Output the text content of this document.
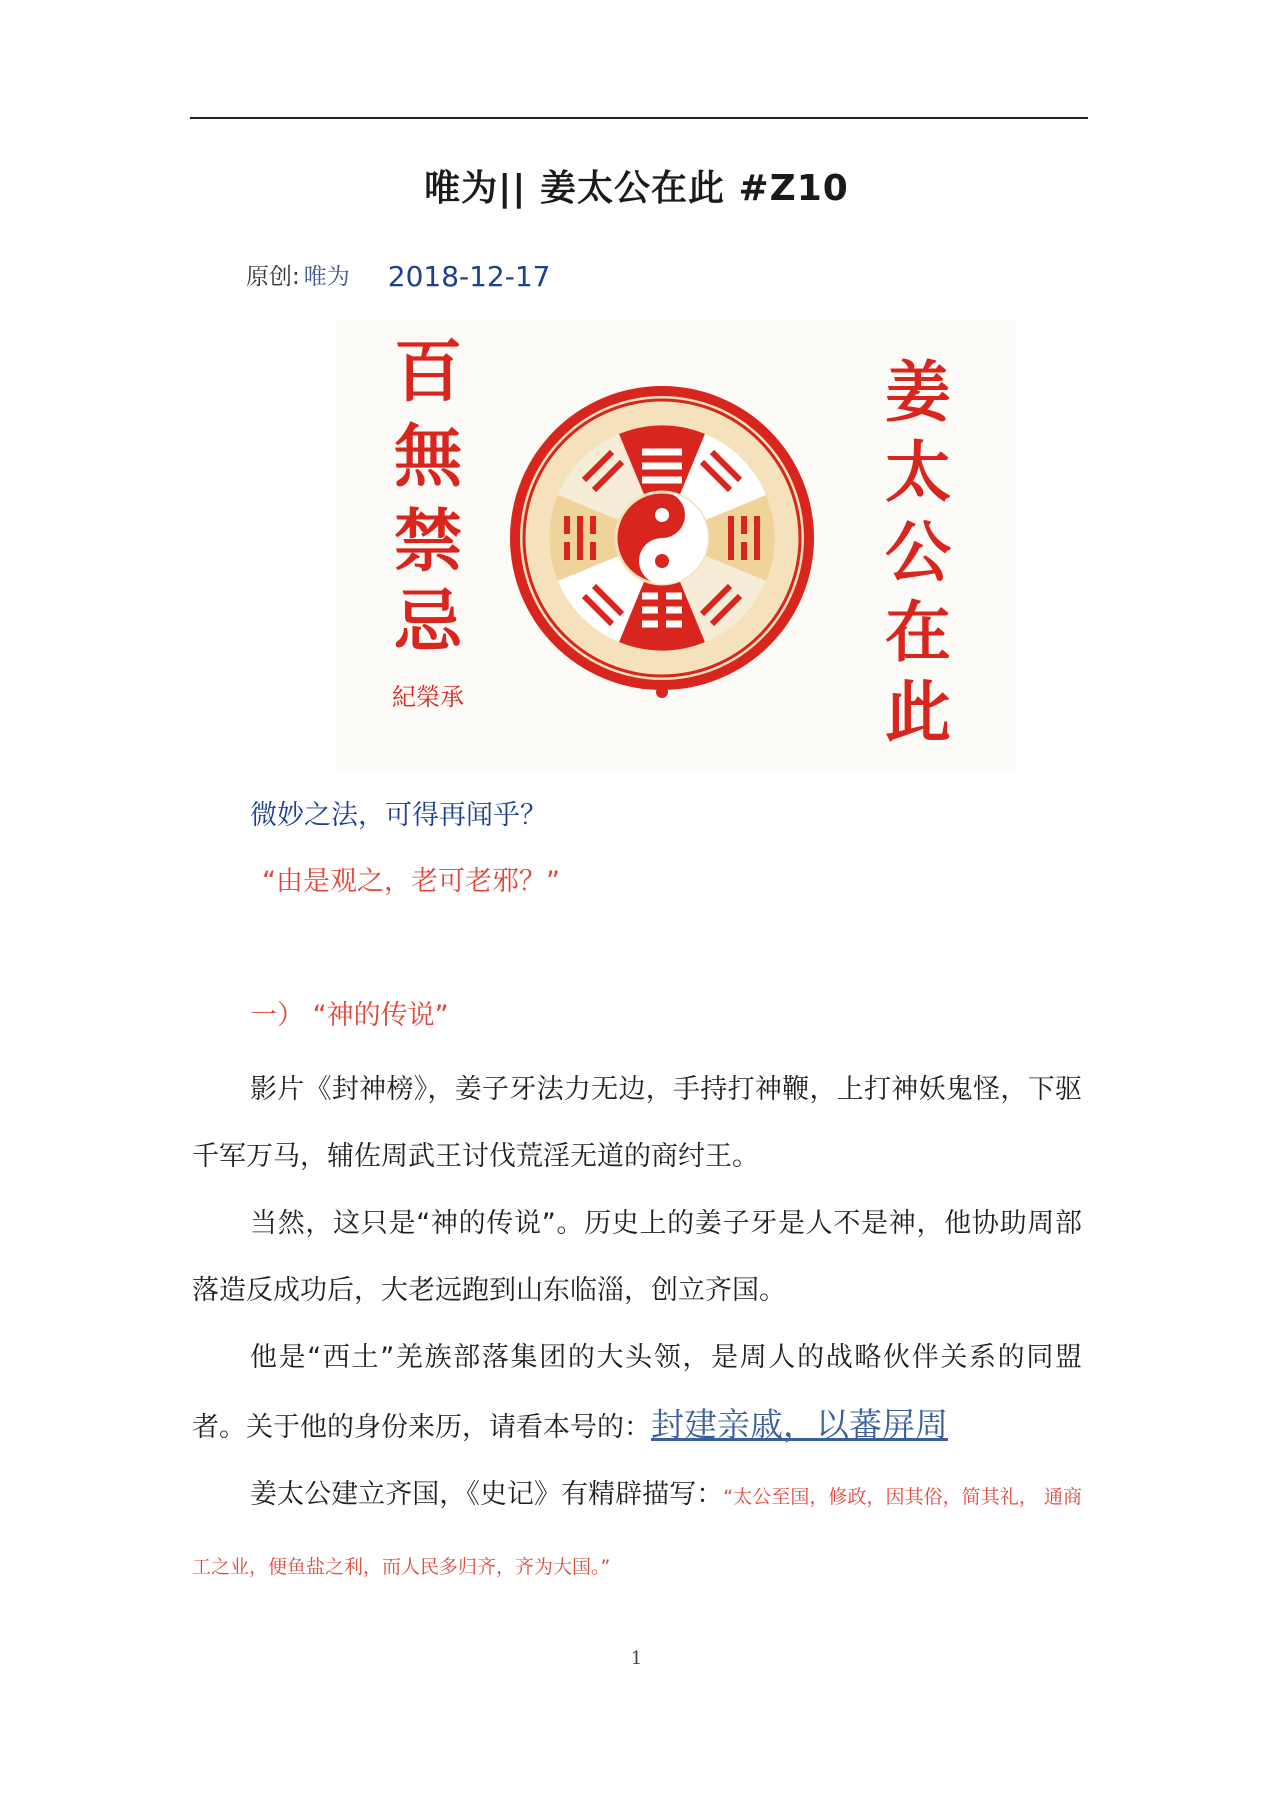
唯为|| 姜太公在此 #Z10
原创: 唯为 2018-12-17
百
無
禁
忌
紀榮承
姜
太
公
在
此
微妙之法，可得再闻乎？
“由是观之，老可老邪？”
一） “神的传说”

影片《封神榜》，姜子牙法力无边，手持打神鞭，上打神妖鬼怪，下驱千军万马，辅佐周武王讨伐荒淫无道的商纣王。

当然，这只是“神的传说”。历史上的姜子牙是人不是神，他协助周部落造反成功后，大老远跑到山东临淄，创立齐国。

他是“西土”羌族部落集团的大头领，是周人的战略伙伴关系的同盟者。关于他的身份来历，请看本号的：封建亲戚，以蕃屏周

姜太公建立齐国，《史记》有精辟描写：“太公至国，修政，因其俗，简其礼， 通商工之业，便鱼盐之利，而人民多归齐，齐为大国。”

1
